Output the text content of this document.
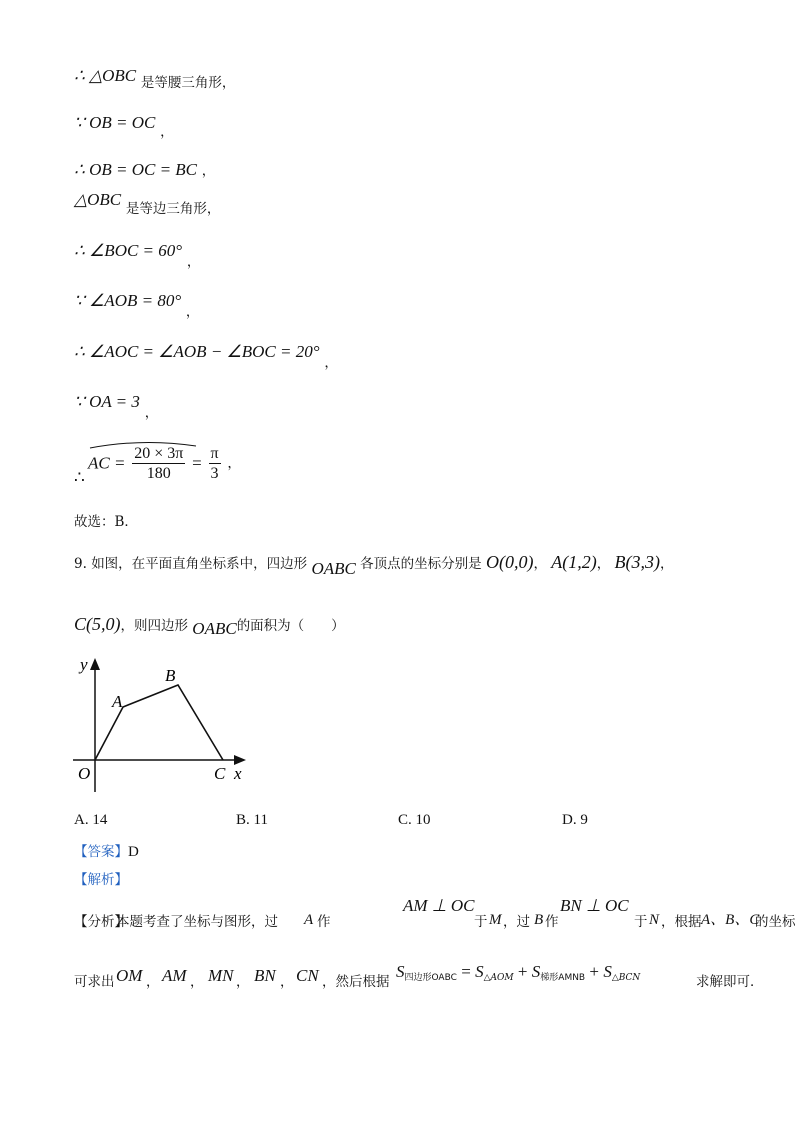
∴ △OBC 是等腰三角形，
∵ OB = OC ，
∴ OB = OC = BC ，
△OBC 是等边三角形，
∴ ∠BOC = 60° ，
∵ ∠AOB = 80° ，
∴ ∠AOC = ∠AOB − ∠BOC = 20° ，
∵ OA = 3 ，
∴
AC = $\frac{20 \times 3\pi}{180} = \frac{\pi}{3}$ ，
故选：B．
9. 如图，在平面直角坐标系中，四边形 OABC 各顶点的坐标分别是 O(0,0)， A(1,2)， B(3,3)，
C(5,0)，则四边形 OABC的面积为（　　）
y
A
B
O	C x
A. 14	B. 11	C. 10	D. 9
【答案】D
【解析】
【分析】
本题考查了坐标与图形，过 A 作
AM ⊥ OC
于 M ，过 B 作
BN ⊥ OC
于 N ，根据 A、B、C
的坐标
可求出 OM ， AM ， MN ， BN ， CN ，然后根据
$S_{四边形OABC} = S_{\triangle AOM} + S_{梯形AMNB} + S_{\triangle BCN}$	求解即可．
